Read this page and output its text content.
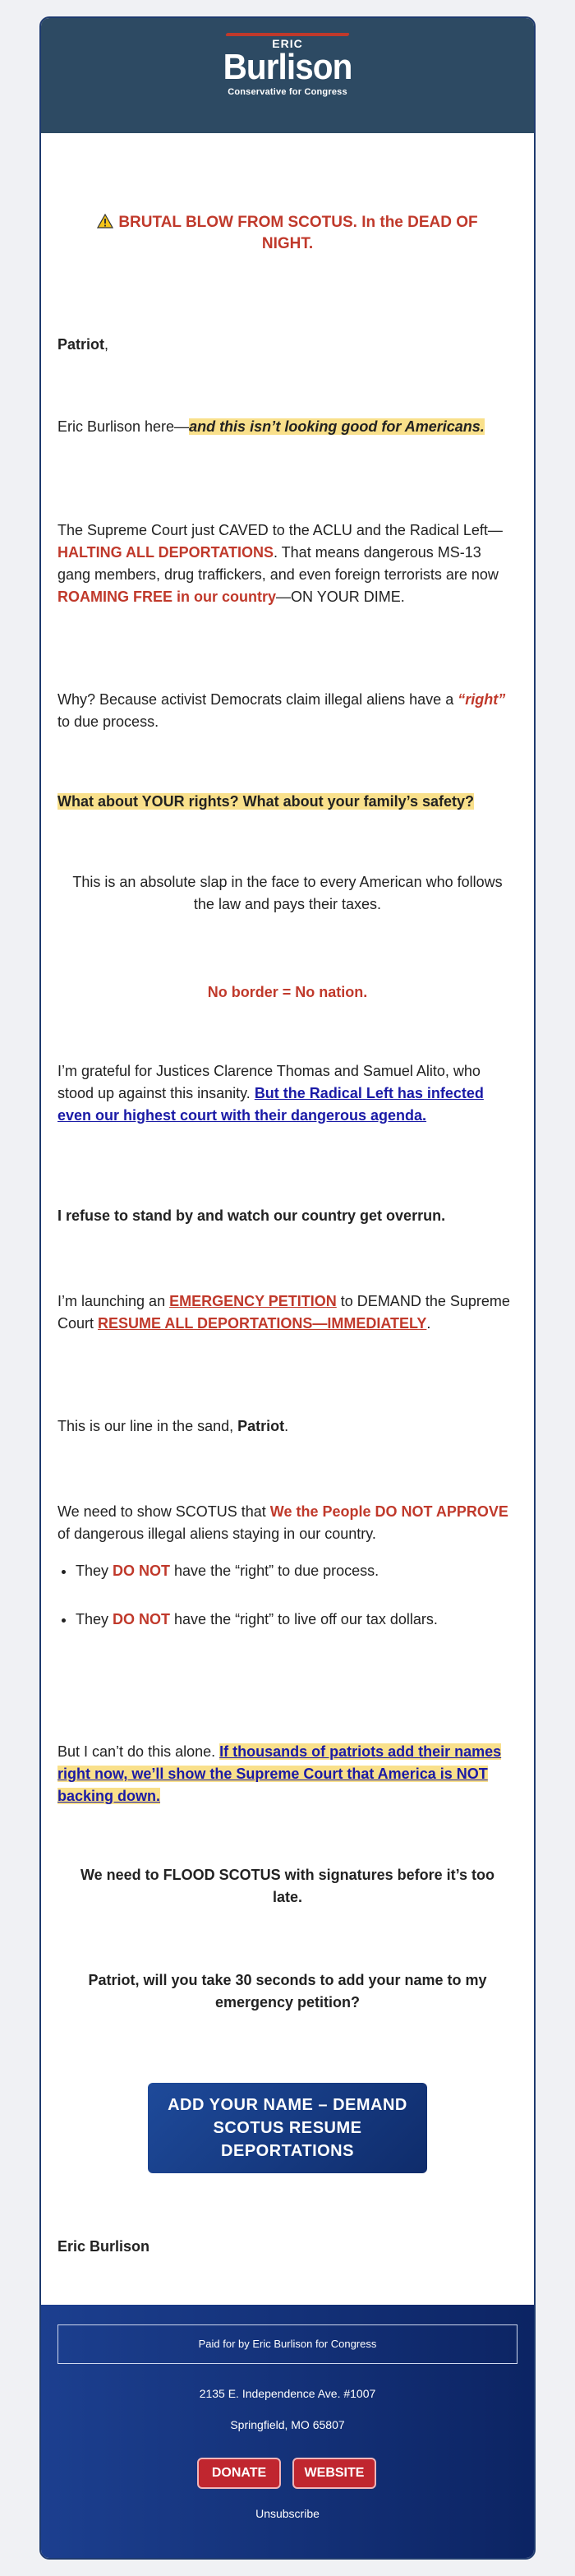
ERIC
Burlison
Conservative for Congress
BRUTAL BLOW FROM SCOTUS. In the DEAD OF NIGHT.
Patriot,
Eric Burlison here—and this isn’t looking good for Americans.
The Supreme Court just CAVED to the ACLU and the Radical Left—HALTING ALL DEPORTATIONS. That means dangerous MS-13 gang members, drug traffickers, and even foreign terrorists are now ROAMING FREE in our country—ON YOUR DIME.
Why? Because activist Democrats claim illegal aliens have a “right” to due process.
What about YOUR rights? What about your family’s safety?
This is an absolute slap in the face to every American who follows the law and pays their taxes.
No border = No nation.
I’m grateful for Justices Clarence Thomas and Samuel Alito, who stood up against this insanity. But the Radical Left has infected even our highest court with their dangerous agenda.
I refuse to stand by and watch our country get overrun.
I’m launching an EMERGENCY PETITION to DEMAND the Supreme Court RESUME ALL DEPORTATIONS—IMMEDIATELY.
This is our line in the sand, Patriot.
We need to show SCOTUS that We the People DO NOT APPROVE of dangerous illegal aliens staying in our country.
• They DO NOT have the “right” to due process.
• They DO NOT have the “right” to live off our tax dollars.
But I can’t do this alone. If thousands of patriots add their names right now, we’ll show the Supreme Court that America is NOT backing down.
We need to FLOOD SCOTUS with signatures before it’s too late.
Patriot, will you take 30 seconds to add your name to my emergency petition?
ADD YOUR NAME – DEMAND SCOTUS RESUME DEPORTATIONS
Eric Burlison
Paid for by Eric Burlison for Congress
2135 E. Independence Ave. #1007
Springfield, MO 65807
DONATE	WEBSITE
Unsubscribe
